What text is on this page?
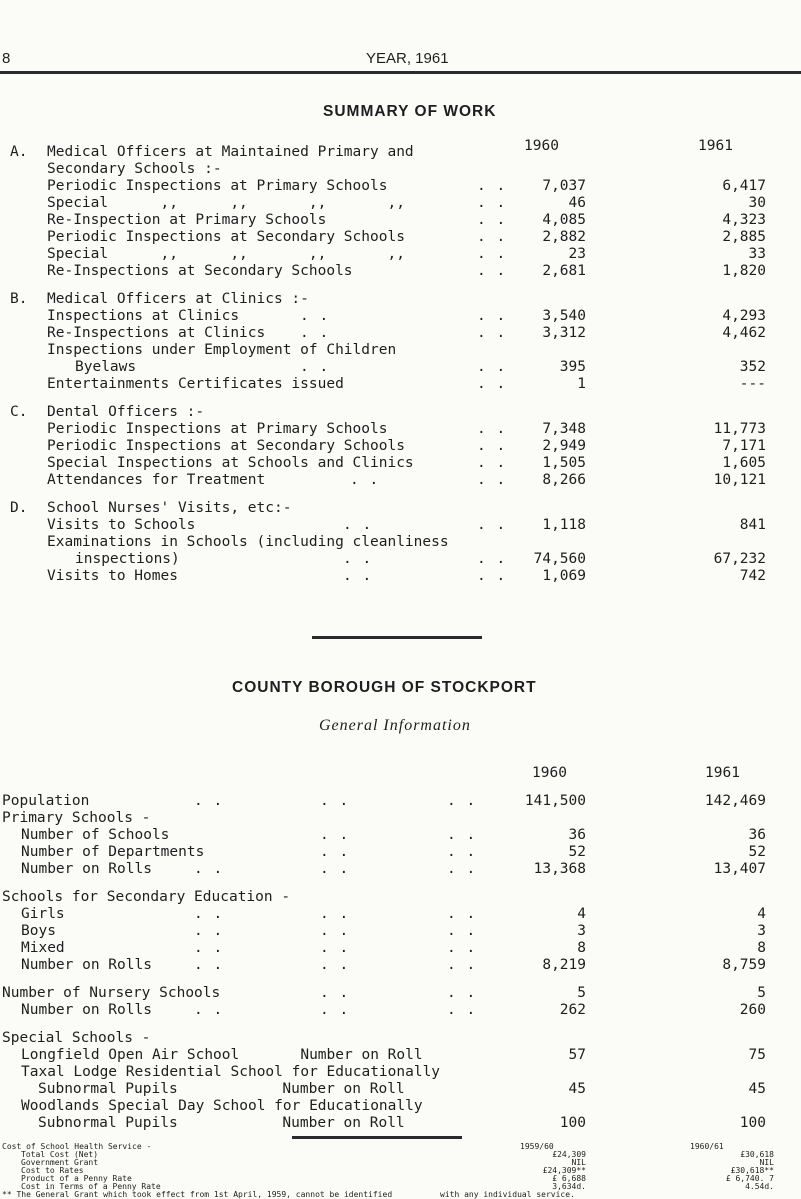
8	YEAR, 1961
SUMMARY OF WORK
1960	1961
A. Medical Officers at Maintained Primary and
Secondary Schools :-
Periodic Inspections at Primary Schools	. .	7,037	6,417
Special      ,,      ,,       ,,       ,,	. .	46	30
Re-Inspection at Primary Schools	. .	4,085	4,323
Periodic Inspections at Secondary Schools	. .	2,882	2,885
Special      ,,      ,,       ,,       ,,	. .	23	33
Re-Inspections at Secondary Schools	. .	2,681	1,820
B. Medical Officers at Clinics :-
Inspections at Clinics	. .	. .	3,540	4,293
Re-Inspections at Clinics . .	. .	3,312	4,462
Inspections under Employment of Children
Byelaws	. .	. .	395	352
Entertainments Certificates issued	. .	1	---
C. Dental Officers :-
Periodic Inspections at Primary Schools	. .	7,348	11,773
Periodic Inspections at Secondary Schools	. .	2,949	7,171
Special Inspections at Schools and Clinics	. .	1,505	1,605
Attendances for Treatment	. .	. .	8,266	10,121
D. School Nurses' Visits, etc:-
Visits to Schools	. .	. .	1,118	841
Examinations in Schools (including cleanliness
inspections)	. .	. .	74,560	67,232
Visits to Homes	. .	. .	1,069	742
COUNTY BOROUGH OF STOCKPORT
General Information
1960	1961
Population	. .	. .	. .	141,500	142,469
Primary Schools -
Number of Schools	. .	. .	36	36
Number of Departments	. .	. .	52	52
Number on Rolls	. .	. .	. .	13,368	13,407
Schools for Secondary Education -
Girls	. .	. .	. .	4	4
Boys	. .	. .	. .	3	3
Mixed	. .	. .	. .	8	8
Number on Rolls	. .	. .	. .	8,219	8,759
Number of Nursery Schools	. .	. .	5	5
Number on Rolls	. .	. .	. .	262	260
Special Schools -
Longfield Open Air School       Number on Roll	57	75
Taxal Lodge Residential School for Educationally
Subnormal Pupils            Number on Roll	45	45
Woodlands Special Day School for Educationally
Subnormal Pupils            Number on Roll	100	100
Cost of School Health Service -	1959/60	1960/61
Total Cost (Net)	£24,309	£30,618
Government Grant	NIL	NIL
Cost to Rates	£24,309**	£30,618**
Product of a Penny Rate	£ 6,688	£ 6,740. 7
Cost in Terms of a Penny Rate	3,634d.	4.54d.
** The General Grant which took effect from 1st April, 1959, cannot be identified	with any individual service.
